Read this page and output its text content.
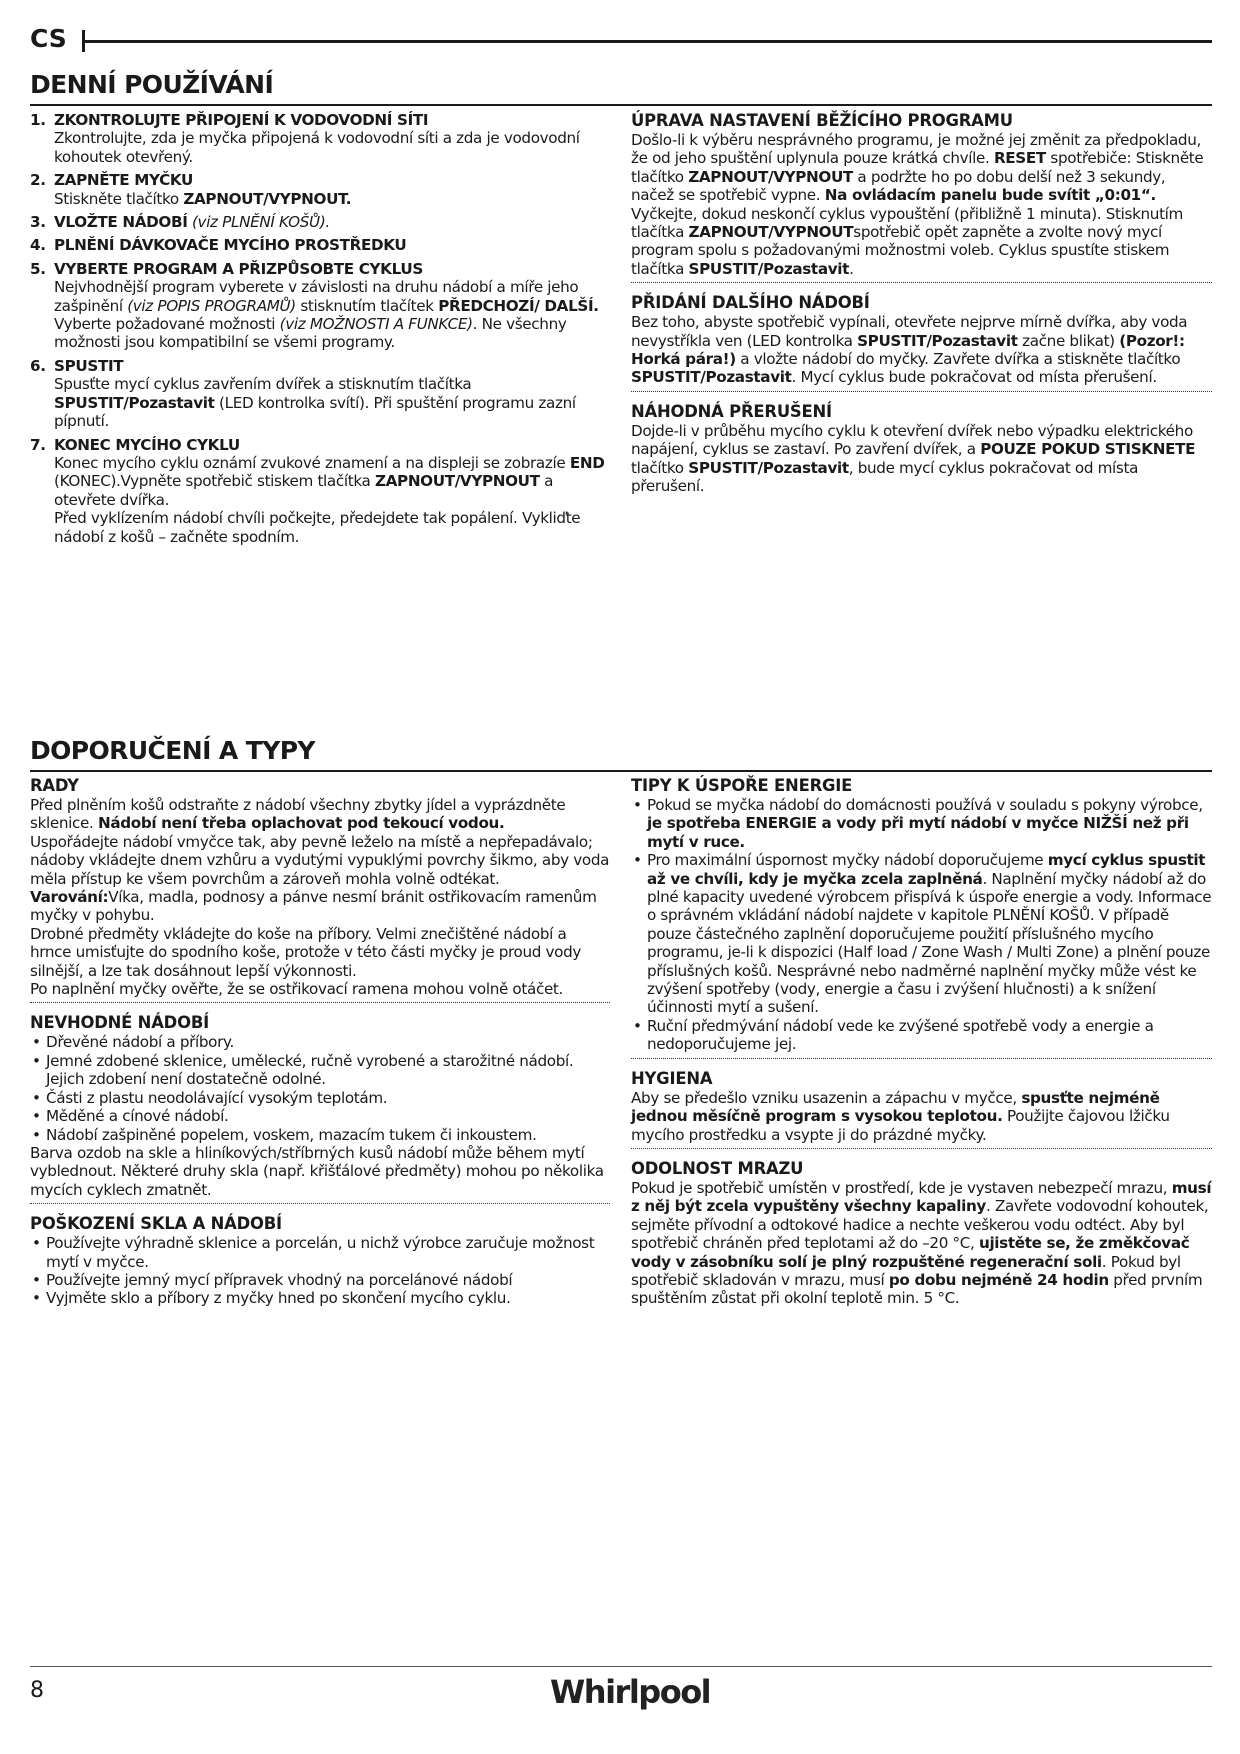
CS
DENNÍ POUŽÍVÁNÍ
1. ZKONTROLUJTE PŘIPOJENÍ K VODOVODNÍ SÍTI
Zkontrolujte, zda je myčka připojená k vodovodní síti a zda je vodovodní kohoutek otevřený.
2. ZAPNĚTE MYČKU
Stiskněte tlačítko ZAPNOUT/VYPNOUT.
3. VLOŽTE NÁDOBÍ (viz PLNĚNÍ KOŠŮ).
4. PLNĚNÍ DÁVKOVAČE MYCÍHO PROSTŘEDKU
5. VYBERTE PROGRAM A PŘIZPŮSOBTE CYKLUS
Nejvhodnější program vyberete v závislosti na druhu nádobí a míře jeho zašpinění (viz POPIS PROGRAMŮ) stisknutím tlačítek PŘEDCHOZÍ/ DALŠÍ. Vyberte požadované možnosti (viz MOŽNOSTI A FUNKCE). Ne všechny možnosti jsou kompatibilní se všemi programy.
6. SPUSTIT
Spusťte mycí cyklus zavřením dvířek a stisknutím tlačítka SPUSTIT/Pozastavit (LED kontrolka svítí). Při spuštění programu zazní pípnutí.
7. KONEC MYCÍHO CYKLU
Konec mycího cyklu oznámí zvukové znamení a na displeji se zobrazíe END (KONEC).Vypněte spotřebič stiskem tlačítka ZAPNOUT/VYPNOUT a otevřete dvířka.
Před vyklízením nádobí chvíli počkejte, předejdete tak popálení. Vykliďte nádobí z košů – začněte spodním.
ÚPRAVA NASTAVENÍ BĚŽÍCÍHO PROGRAMU

Došlo-li k výběru nesprávného programu, je možné jej změnit za předpokladu, že od jeho spuštění uplynula pouze krátká chvíle. RESET spotřebiče: Stiskněte tlačítko ZAPNOUT/VYPNOUT a podržte ho po dobu delší než 3 sekundy, načež se spotřebič vypne. Na ovládacím panelu bude svítit „0:01“. Vyčkejte, dokud neskončí cyklus vypouštění (přibližně 1 minuta). Stisknutím tlačítka ZAPNOUT/VYPNOUTspotřebič opět zapněte a zvolte nový mycí program spolu s požadovanými možnostmi voleb. Cyklus spustíte stiskem tlačítka SPUSTIT/Pozastavit.

PŘIDÁNÍ DALŠÍHO NÁDOBÍ

Bez toho, abyste spotřebič vypínali, otevřete nejprve mírně dvířka, aby voda nevystříkla ven (LED kontrolka SPUSTIT/Pozastavit začne blikat) (Pozor!: Horká pára!) a vložte nádobí do myčky. Zavřete dvířka a stiskněte tlačítko SPUSTIT/Pozastavit. Mycí cyklus bude pokračovat od místa přerušení.

NÁHODNÁ PŘERUŠENÍ

Dojde-li v průběhu mycího cyklu k otevření dvířek nebo výpadku elektrického napájení, cyklus se zastaví. Po zavření dvířek, a POUZE POKUD STISKNETE tlačítko SPUSTIT/Pozastavit, bude mycí cyklus pokračovat od místa přerušení.

DOPORUČENÍ A TYPY
RADY

Před plněním košů odstraňte z nádobí všechny zbytky jídel a vyprázdněte sklenice. Nádobí není třeba oplachovat pod tekoucí vodou.

Uspořádejte nádobí vmyčce tak, aby pevně leželo na místě a nepřepadávalo; nádoby vkládejte dnem vzhůru a vydutými vypuklými povrchy šikmo, aby voda měla přístup ke všem povrchům a zároveň mohla volně odtékat.

Varování:Víka, madla, podnosy a pánve nesmí bránit ostřikovacím ramenům myčky v pohybu.

Drobné předměty vkládejte do koše na příbory. Velmi znečištěné nádobí a hrnce umisťujte do spodního koše, protože v této části myčky je proud vody silnější, a lze tak dosáhnout lepší výkonnosti.

Po naplnění myčky ověřte, že se ostřikovací ramena mohou volně otáčet.

NEVHODNÉ NÁDOBÍ
• Dřevěné nádobí a příbory.
• Jemné zdobené sklenice, umělecké, ručně vyrobené a starožitné nádobí. Jejich zdobení není dostatečně odolné.
• Části z plastu neodolávající vysokým teplotám.
• Měděné a cínové nádobí.
• Nádobí zašpiněné popelem, voskem, mazacím tukem či inkoustem.

Barva ozdob na skle a hliníkových/stříbrných kusů nádobí může během mytí vyblednout. Některé druhy skla (např. křišťálové předměty) mohou po několika mycích cyklech zmatnět.

POŠKOZENÍ SKLA A NÁDOBÍ
• Používejte výhradně sklenice a porcelán, u nichž výrobce zaručuje možnost mytí v myčce.
• Používejte jemný mycí přípravek vhodný na porcelánové nádobí
• Vyjměte sklo a příbory z myčky hned po skončení mycího cyklu.
TIPY K ÚSPOŘE ENERGIE
• Pokud se myčka nádobí do domácnosti používá v souladu s pokyny výrobce, je spotřeba ENERGIE a vody při mytí nádobí v myčce NIŽŠÍ než při mytí v ruce.
• Pro maximální úspornost myčky nádobí doporučujeme mycí cyklus spustit až ve chvíli, kdy je myčka zcela zaplněná. Naplnění myčky nádobí až do plné kapacity uvedené výrobcem přispívá k úspoře energie a vody. Informace o správném vkládání nádobí najdete v kapitole PLNĚNÍ KOŠŮ. V případě pouze částečného zaplnění doporučujeme použití příslušného mycího programu, je-li k dispozici (Half load / Zone Wash / Multi Zone) a plnění pouze příslušných košů. Nesprávné nebo nadměrné naplnění myčky může vést ke zvýšení spotřeby (vody, energie a času i zvýšení hlučnosti) a k snížení účinnosti mytí a sušení.
• Ruční předmývání nádobí vede ke zvýšené spotřebě vody a energie a nedoporučujeme jej.
HYGIENA

Aby se předešlo vzniku usazenin a zápachu v myčce, spusťte nejméně jednou měsíčně program s vysokou teplotou. Použijte čajovou lžičku mycího prostředku a vsypte ji do prázdné myčky.

ODOLNOST MRAZU

Pokud je spotřebič umístěn v prostředí, kde je vystaven nebezpečí mrazu, musí z něj být zcela vypuštěny všechny kapaliny. Zavřete vodovodní kohoutek, sejměte přívodní a odtokové hadice a nechte veškerou vodu odtéct. Aby byl spotřebič chráněn před teplotami až do –20 °C, ujistěte se, že změkčovač vody v zásobníku solí je plný rozpuštěné regenerační soli. Pokud byl spotřebič skladován v mrazu, musí po dobu nejméně 24 hodin před prvním spuštěním zůstat při okolní teplotě min. 5 °C.

8	Whirlpool
